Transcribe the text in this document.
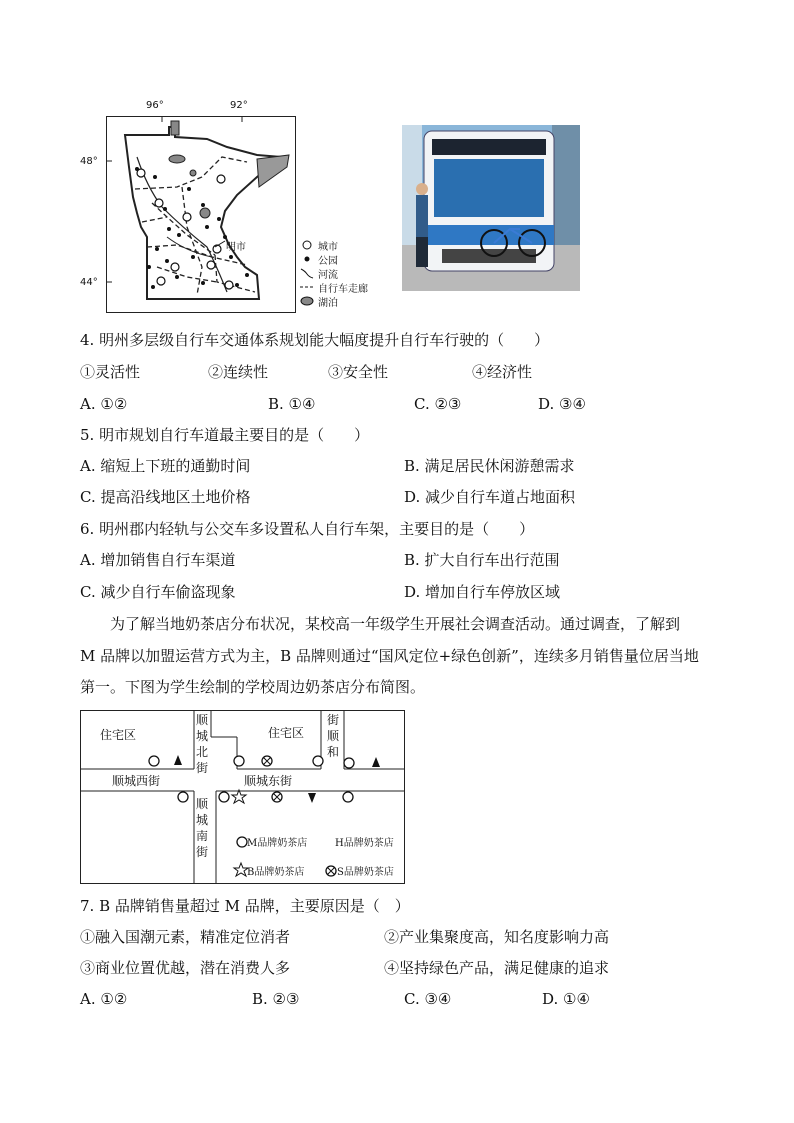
96°	92°
48°
44°
明市	城市
公园
河流
自行车走廊
湖泊
4. 明州多层级自行车交通体系规划能大幅度提升自行车行驶的（　　）
①灵活性	②连续性	③安全性	④经济性
A. ①②	B. ①④	C. ②③	D. ③④
5. 明市规划自行车道最主要目的是（　　）
A. 缩短上下班的通勤时间	B. 满足居民休闲游憩需求
C. 提高沿线地区土地价格	D. 减少自行车道占地面积
6. 明州郡内轻轨与公交车多设置私人自行车架，主要目的是（　　）
A. 增加销售自行车渠道	B. 扩大自行车出行范围
C. 减少自行车偷盗现象	D. 增加自行车停放区域
为了解当地奶茶店分布状况，某校高一年级学生开展社会调查活动。通过调查，了解到
M 品牌以加盟运营方式为主，B 品牌则通过“国风定位+绿色创新”，连续多月销售量位居当地
第一。下图为学生绘制的学校周边奶茶店分布简图。
住宅区	住宅区
顺城北街
街顺和
顺城西街	顺城东街
顺城南街
M品牌奶茶店	H品牌奶茶店
B品牌奶茶店	S品牌奶茶店
7. B 品牌销售量超过 M 品牌，主要原因是（　）
①融入国潮元素，精准定位消者	②产业集聚度高，知名度影响力高
③商业位置优越，潜在消费人多	④坚持绿色产品，满足健康的追求
A. ①②	B. ②③	C. ③④	D. ①④
